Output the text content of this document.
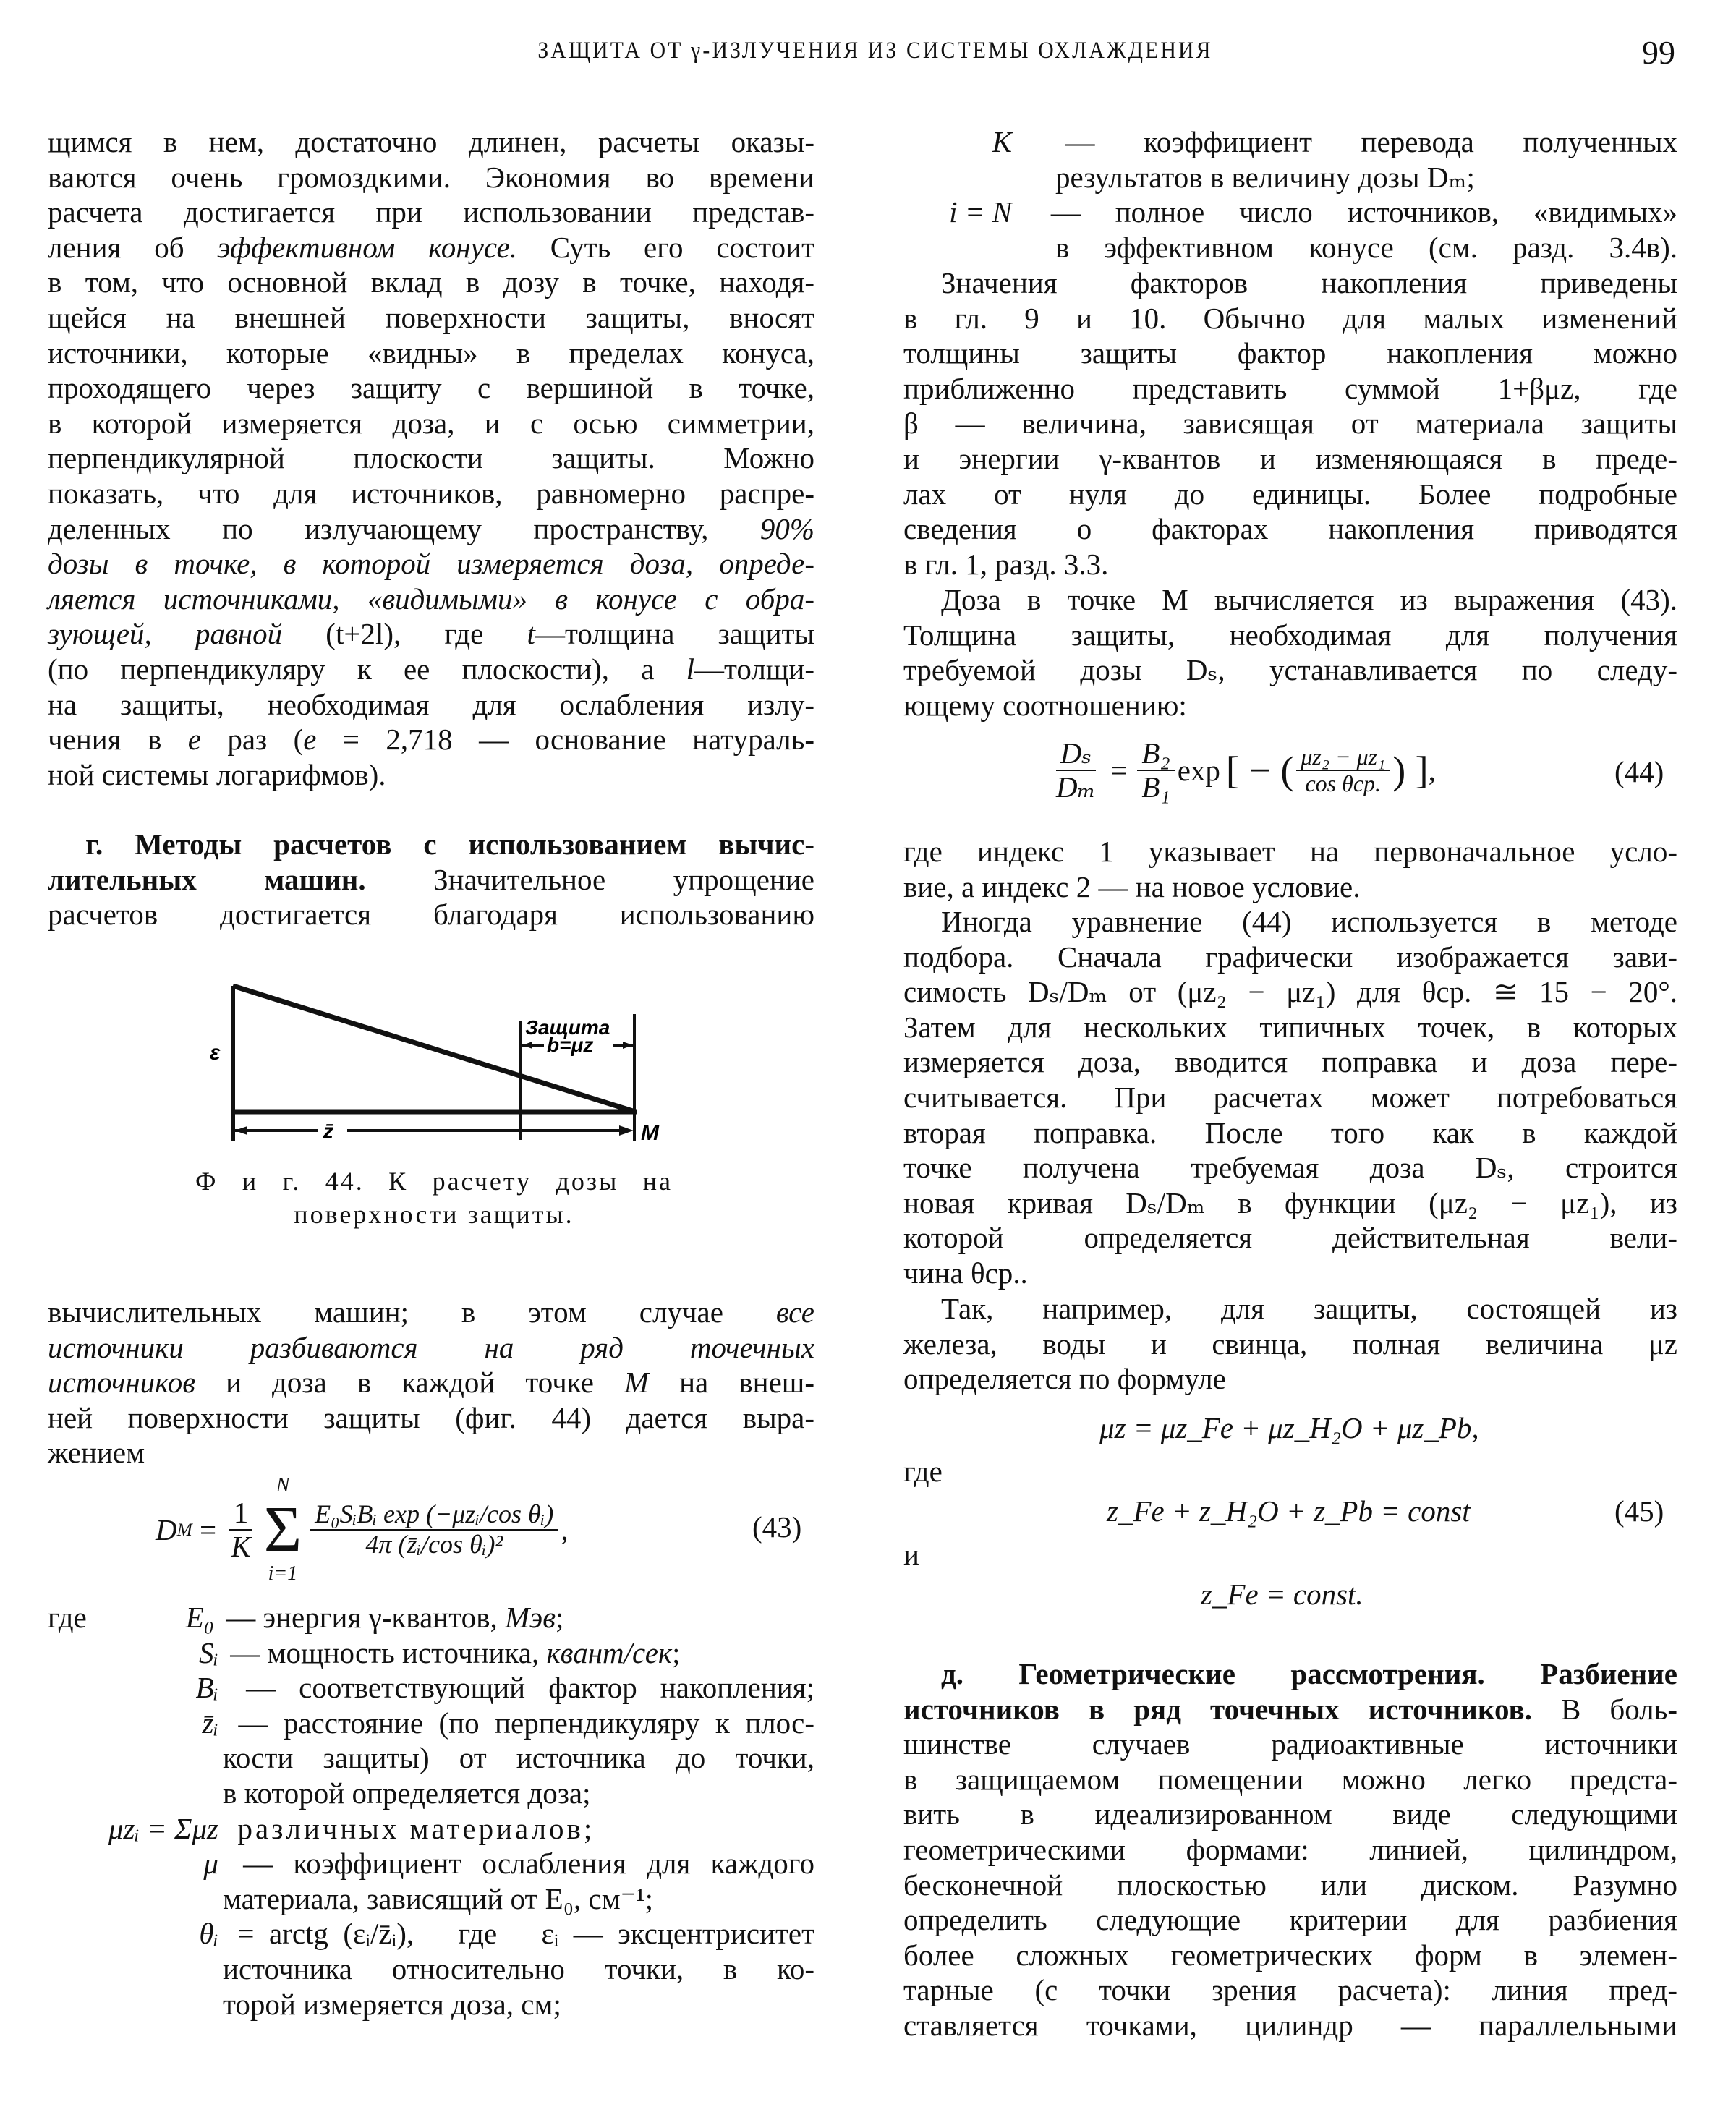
ЗАЩИТА ОТ γ-ИЗЛУЧЕНИЯ ИЗ СИСТЕМЫ ОХЛАЖДЕНИЯ	99
щимся в нем, достаточно длинен, расчеты оказы-
ваются очень громоздкими. Экономия во времени
расчета достигается при использовании представ-
ления об эффективном конусе. Суть его состоит
в том, что основной вклад в дозу в точке, находя-
щейся на внешней поверхности защиты, вносят
источники, которые «видны» в пределах конуса,
проходящего через защиту с вершиной в точке,
в которой измеряется доза, и с осью симметрии,
перпендикулярной плоскости защиты. Можно
показать, что для источников, равномерно распре-
деленных по излучающему пространству, 90%
дозы в точке, в которой измеряется доза, опреде-
ляется источниками, «видимыми» в конусе с обра-
зующей, равной (t+2l), где t—толщина защиты
(по перпендикуляру к ее плоскости), а l—толщи-
на защиты, необходимая для ослабления излу-
чения в e раз (e = 2,718 — основание натураль-
ной системы логарифмов).
г. Методы расчетов с использованием вычис-
лительных машин. Значительное упрощение
расчетов достигается благодаря использованию
ε
Защита
b=μz
z̄	M
Ф и г. 44. К расчету дозы на
поверхности защиты.
вычислительных машин; в этом случае все
источники разбиваются на ряд точечных
источников и доза в каждой точке M на внеш-
ней поверхности защиты (фиг. 44) дается выра-
жением
D $M = \frac{1}{K}$
N
Σ
i=1
$\frac{\text{E₀SᵢBᵢ exp (−μzᵢ/cos θᵢ)}}{\text{4π (z̄ᵢ/cos θᵢ)²}}$ ,	(43)
где	E₀ — энергия γ-квантов, Мэв;
Sᵢ — мощность источника, квант/сек;
Bᵢ — соответствующий фактор накопления;
z̄ᵢ — расстояние (по перпендикуляру к плос-
кости защиты) от источника до точки,
в которой определяется доза;
μzᵢ = Σμz различных материалов;
μ — коэффициент ослабления для каждого
материала, зависящий от E₀, см⁻¹;
θᵢ = arctg (εᵢ/z̄ᵢ),   где   εᵢ — эксцентриситет
источника относительно точки, в ко-
торой измеряется доза, см;
K — коэффициент перевода полученных
результатов в величину дозы Dₘ;
i = N — полное число источников, «видимых»
в эффективном конусе (см. разд. 3.4в).
Значения факторов накопления приведены
в гл. 9 и 10. Обычно для малых изменений
толщины защиты фактор накопления можно
приближенно представить суммой 1+βμz, где
β — величина, зависящая от материала защиты
и энергии γ-квантов и изменяющаяся в преде-
лах от нуля до единицы. Более подробные
сведения о факторах накопления приводятся
в гл. 1, разд. 3.3.
Доза в точке M вычисляется из выражения (43).
Толщина защиты, необходимая для получения
требуемой дозы Dₛ, устанавливается по следу-
ющему соотношению:
$\frac{\text{Dₛ}}{\text{Dₘ}} = \frac{\text{B₂}}{\text{B₁}}$ exp [ − ( $\frac{\text{μz₂ − μz₁}}{\text{cos θср.}}$ ) ] ,	(44)
где индекс 1 указывает на первоначальное усло-
вие, а индекс 2 — на новое условие.
Иногда уравнение (44) используется в методе
подбора. Сначала графически изображается зави-
симость Dₛ/Dₘ от (μz₂ − μz₁) для θср. ≅ 15 − 20°.
Затем для нескольких типичных точек, в которых
измеряется доза, вводится поправка и доза пере-
считывается. При расчетах может потребоваться
вторая поправка. После того как в каждой
точке получена требуемая доза Dₛ, строится
новая кривая Dₛ/Dₘ в функции (μz₂ − μz₁), из
которой определяется действительная вели-
чина θср..
Так, например, для защиты, состоящей из
железа, воды и свинца, полная величина μz
определяется по формуле
μz = μz_Fe + μz_H₂O + μz_Pb,
где
z_Fe + z_H₂O + z_Pb = const	(45)
и
z_Fe = const.
д. Геометрические рассмотрения. Разбиение
источников в ряд точечных источников. В боль-
шинстве случаев радиоактивные источники
в защищаемом помещении можно легко предста-
вить в идеализированном виде следующими
геометрическими формами: линией, цилиндром,
бесконечной плоскостью или диском. Разумно
определить следующие критерии для разбиения
более сложных геометрических форм в элемен-
тарные (с точки зрения расчета): линия пред-
ставляется точками, цилиндр — параллельными
